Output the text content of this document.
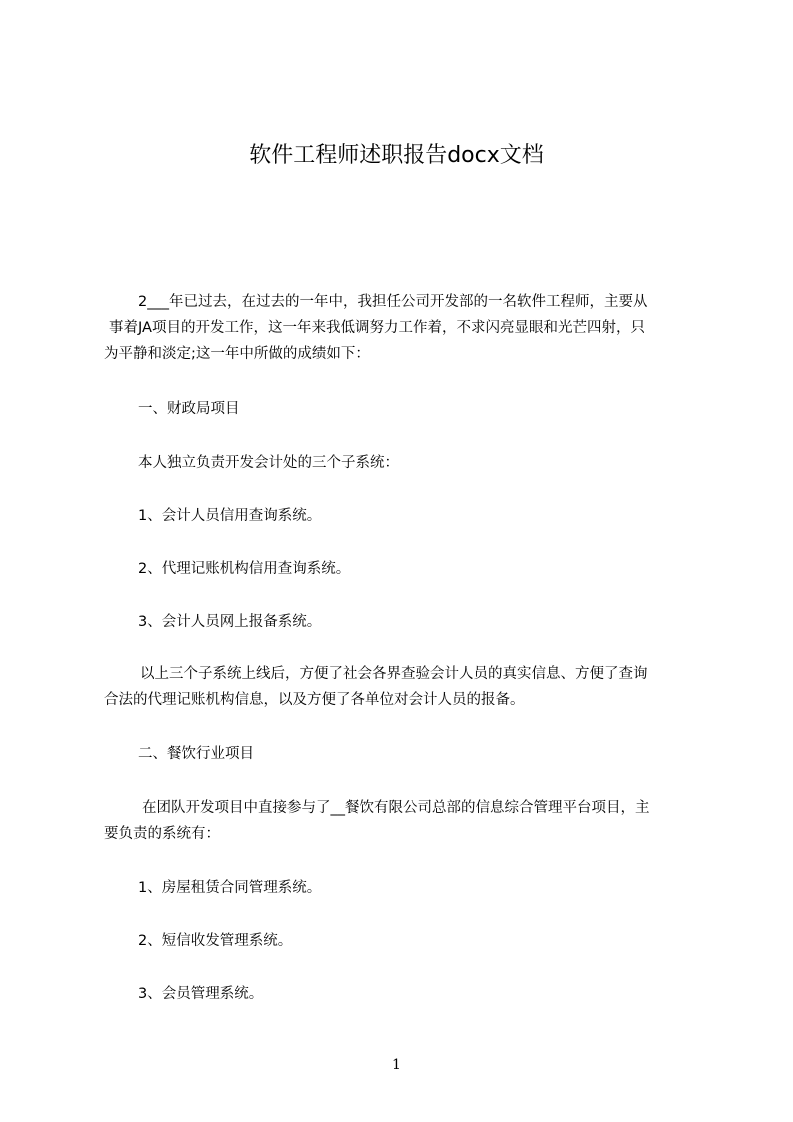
软件工程师述职报告docx文档
2___年已过去，在过去的一年中，我担任公司开发部的一名软件工程师，主要从
事着JA项目的开发工作，这一年来我低调努力工作着，不求闪亮显眼和光芒四射，只
为平静和淡定;这一年中所做的成绩如下：
一、财政局项目
本人独立负责开发会计处的三个子系统：
1、会计人员信用查询系统。
2、代理记账机构信用查询系统。
3、会计人员网上报备系统。
以上三个子系统上线后，方便了社会各界查验会计人员的真实信息、方便了查询
合法的代理记账机构信息，以及方便了各单位对会计人员的报备。
二、餐饮行业项目
在团队开发项目中直接参与了__餐饮有限公司总部的信息综合管理平台项目，主
要负责的系统有：
1、房屋租赁合同管理系统。
2、短信收发管理系统。
3、会员管理系统。
1
